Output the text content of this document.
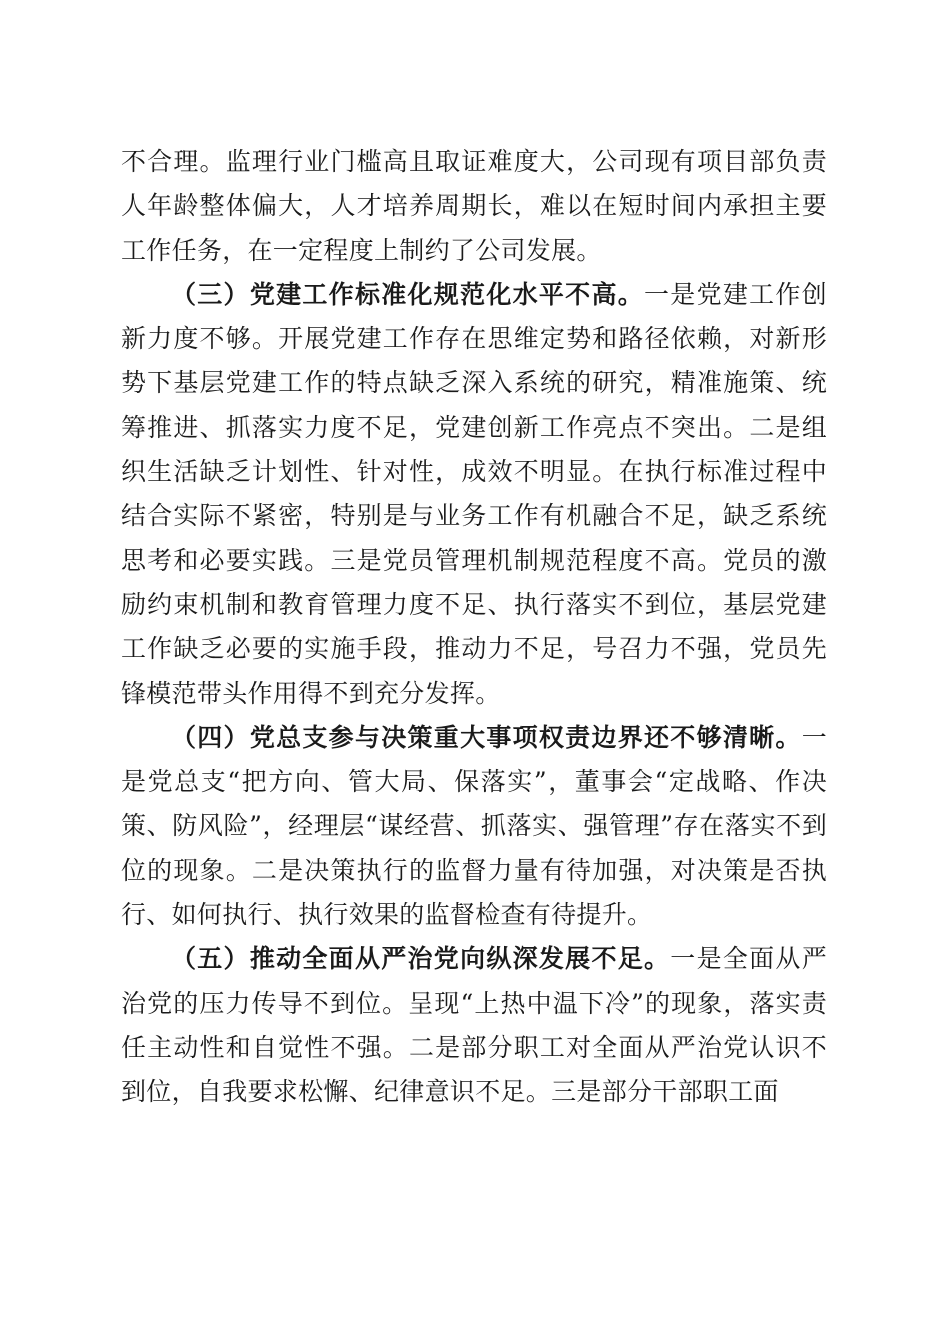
不合理。监理行业门槛高且取证难度大，公司现有项目部负责人年龄整体偏大，人才培养周期长，难以在短时间内承担主要工作任务，在一定程度上制约了公司发展。

（三）党建工作标准化规范化水平不高。一是党建工作创新力度不够。开展党建工作存在思维定势和路径依赖，对新形势下基层党建工作的特点缺乏深入系统的研究，精准施策、统筹推进、抓落实力度不足，党建创新工作亮点不突出。二是组织生活缺乏计划性、针对性，成效不明显。在执行标准过程中结合实际不紧密，特别是与业务工作有机融合不足，缺乏系统思考和必要实践。三是党员管理机制规范程度不高。党员的激励约束机制和教育管理力度不足、执行落实不到位，基层党建工作缺乏必要的实施手段，推动力不足，号召力不强，党员先锋模范带头作用得不到充分发挥。

（四）党总支参与决策重大事项权责边界还不够清晰。一是党总支“把方向、管大局、保落实”，董事会“定战略、作决策、防风险”，经理层“谋经营、抓落实、强管理”存在落实不到位的现象。二是决策执行的监督力量有待加强，对决策是否执行、如何执行、执行效果的监督检查有待提升。

（五）推动全面从严治党向纵深发展不足。一是全面从严治党的压力传导不到位。呈现“上热中温下冷”的现象，落实责任主动性和自觉性不强。二是部分职工对全面从严治党认识不到位，自我要求松懈、纪律意识不足。三是部分干部职工面
